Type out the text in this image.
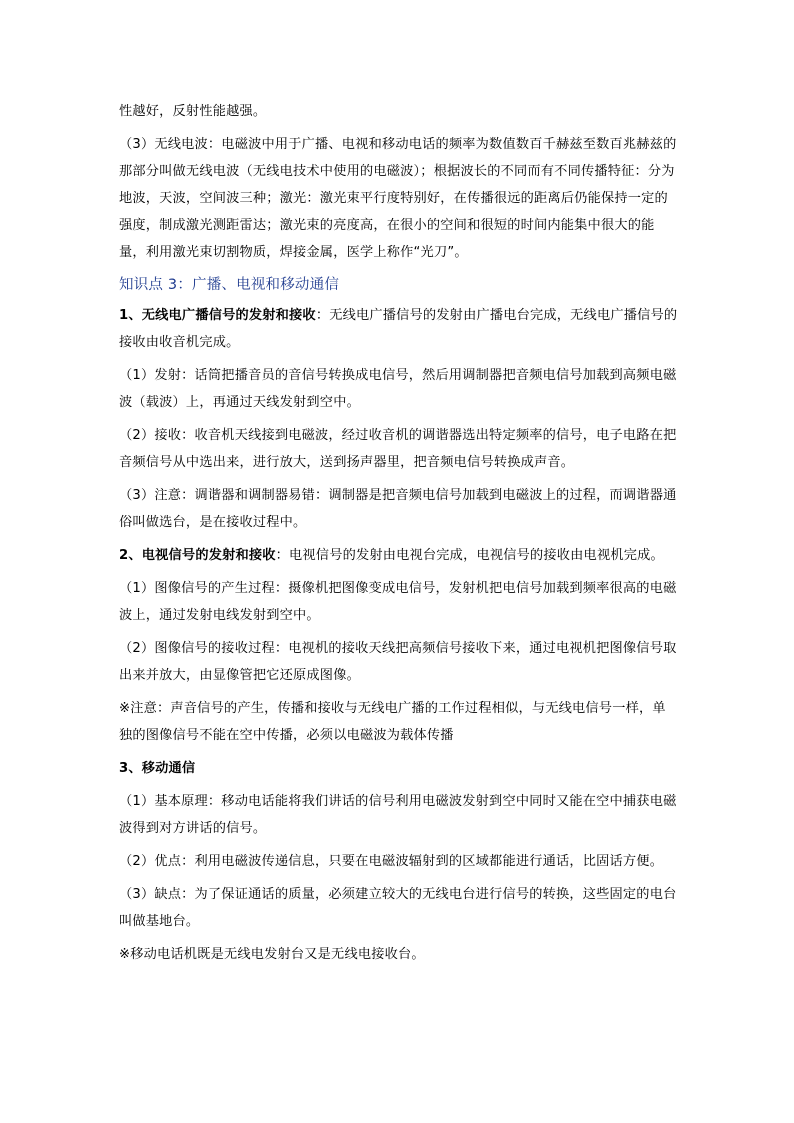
性越好，反射性能越强。

（3）无线电波：电磁波中用于广播、电视和移动电话的频率为数值数百千赫兹至数百兆赫兹的那部分叫做无线电波（无线电技术中使用的电磁波）；根据波长的不同而有不同传播特征：分为地波，天波，空间波三种；激光：激光束平行度特别好，在传播很远的距离后仍能保持一定的强度，制成激光测距雷达；激光束的亮度高，在很小的空间和很短的时间内能集中很大的能量，利用激光束切割物质，焊接金属，医学上称作“光刀”。

知识点 3：广播、电视和移动通信

1、无线电广播信号的发射和接收：无线电广播信号的发射由广播电台完成，无线电广播信号的接收由收音机完成。

（1）发射：话筒把播音员的音信号转换成电信号，然后用调制器把音频电信号加载到高频电磁波（载波）上，再通过天线发射到空中。

（2）接收：收音机天线接到电磁波，经过收音机的调谐器选出特定频率的信号，电子电路在把音频信号从中选出来，进行放大，送到扬声器里，把音频电信号转换成声音。

（3）注意：调谐器和调制器易错：调制器是把音频电信号加载到电磁波上的过程，而调谐器通俗叫做选台，是在接收过程中。

2、电视信号的发射和接收：电视信号的发射由电视台完成，电视信号的接收由电视机完成。

（1）图像信号的产生过程：摄像机把图像变成电信号，发射机把电信号加载到频率很高的电磁波上，通过发射电线发射到空中。

（2）图像信号的接收过程：电视机的接收天线把高频信号接收下来，通过电视机把图像信号取出来并放大，由显像管把它还原成图像。

※注意：声音信号的产生，传播和接收与无线电广播的工作过程相似，与无线电信号一样，单独的图像信号不能在空中传播，必须以电磁波为载体传播

3、移动通信

（1）基本原理：移动电话能将我们讲话的信号利用电磁波发射到空中同时又能在空中捕获电磁波得到对方讲话的信号。

（2）优点：利用电磁波传递信息，只要在电磁波辐射到的区域都能进行通话，比固话方便。

（3）缺点：为了保证通话的质量，必须建立较大的无线电台进行信号的转换，这些固定的电台叫做基地台。

※移动电话机既是无线电发射台又是无线电接收台。
